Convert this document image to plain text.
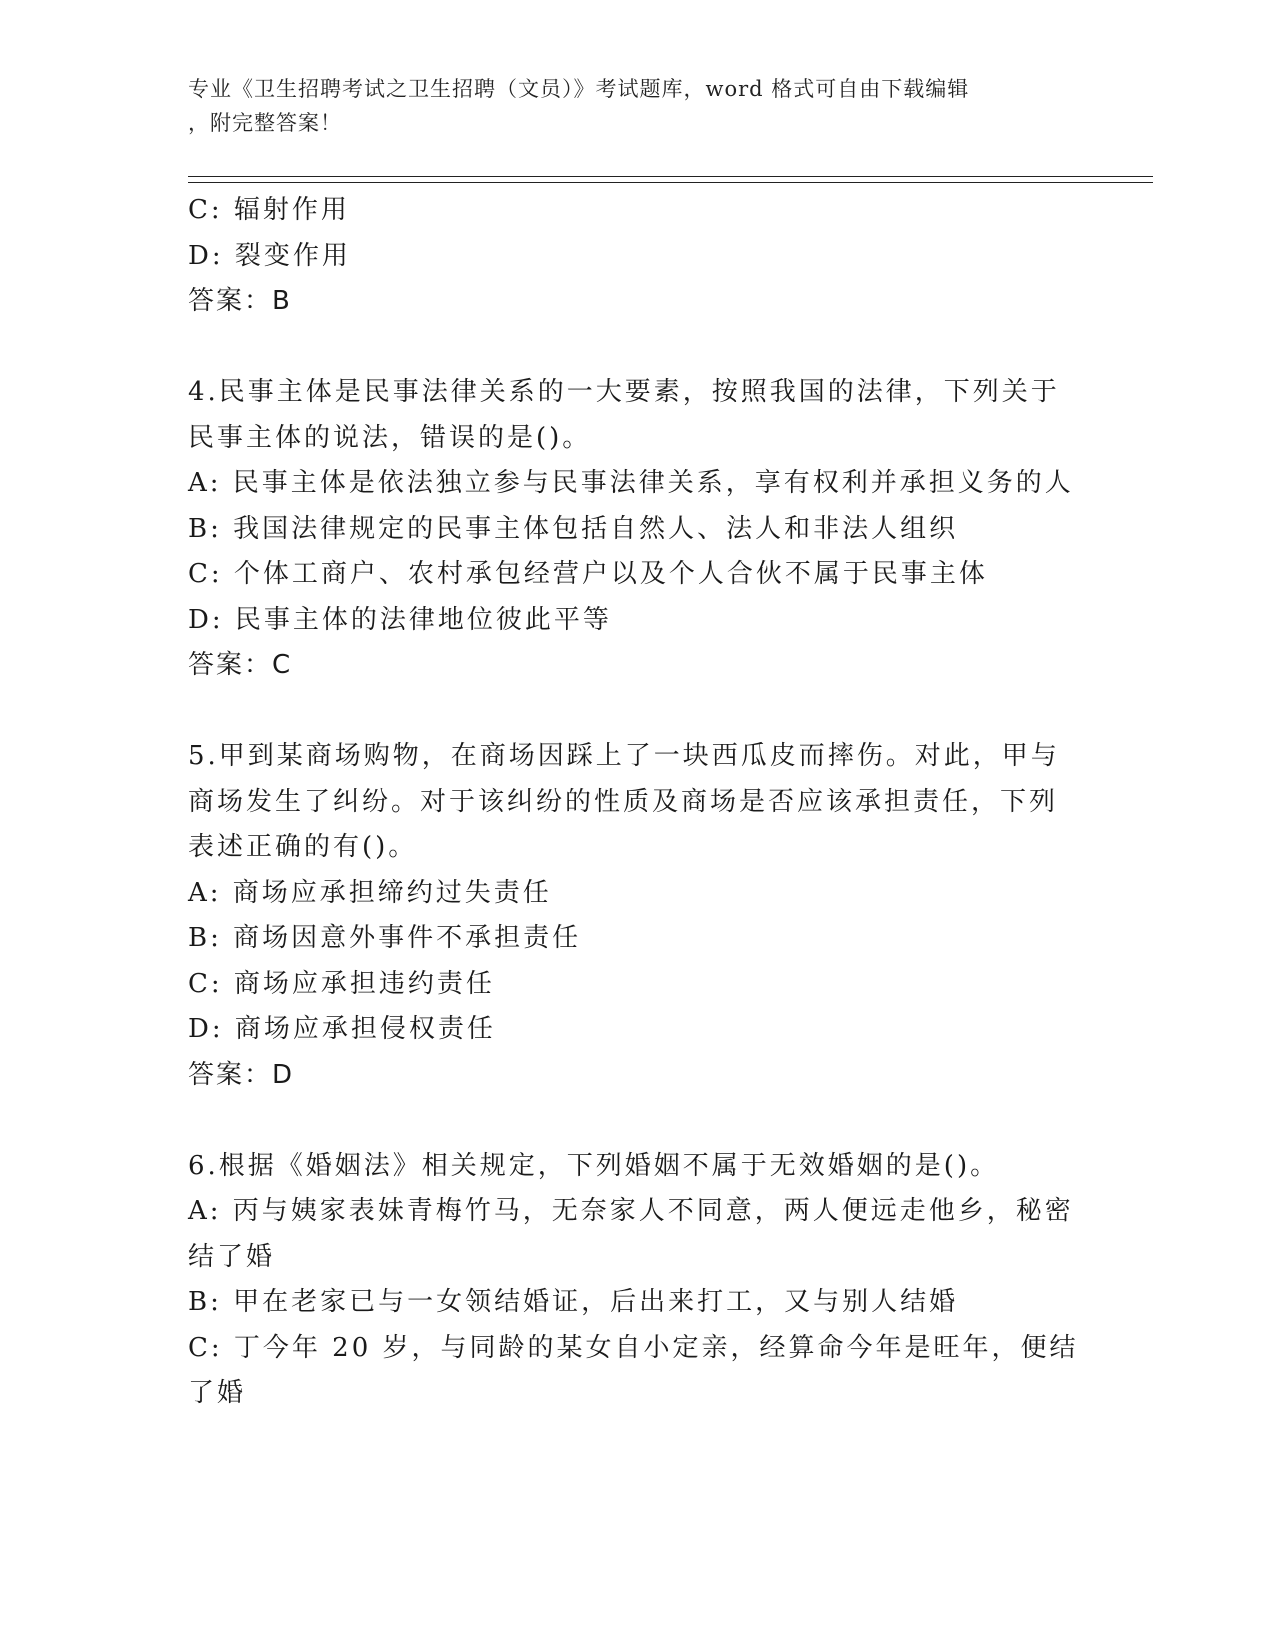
专业《卫生招聘考试之卫生招聘（文员）》考试题库，word 格式可自由下载编辑
，附完整答案！
C: 辐射作用
D: 裂变作用
答案：B
4.民事主体是民事法律关系的一大要素，按照我国的法律，下列关于
民事主体的说法，错误的是()。
A: 民事主体是依法独立参与民事法律关系，享有权利并承担义务的人
B: 我国法律规定的民事主体包括自然人、法人和非法人组织
C: 个体工商户、农村承包经营户以及个人合伙不属于民事主体
D: 民事主体的法律地位彼此平等
答案：C
5.甲到某商场购物，在商场因踩上了一块西瓜皮而摔伤。对此，甲与
商场发生了纠纷。对于该纠纷的性质及商场是否应该承担责任，下列
表述正确的有()。
A: 商场应承担缔约过失责任
B: 商场因意外事件不承担责任
C: 商场应承担违约责任
D: 商场应承担侵权责任
答案：D
6.根据《婚姻法》相关规定，下列婚姻不属于无效婚姻的是()。
A: 丙与姨家表妹青梅竹马，无奈家人不同意，两人便远走他乡，秘密
结了婚
B: 甲在老家已与一女领结婚证，后出来打工，又与别人结婚
C: 丁今年 20 岁，与同龄的某女自小定亲，经算命今年是旺年，便结
了婚
